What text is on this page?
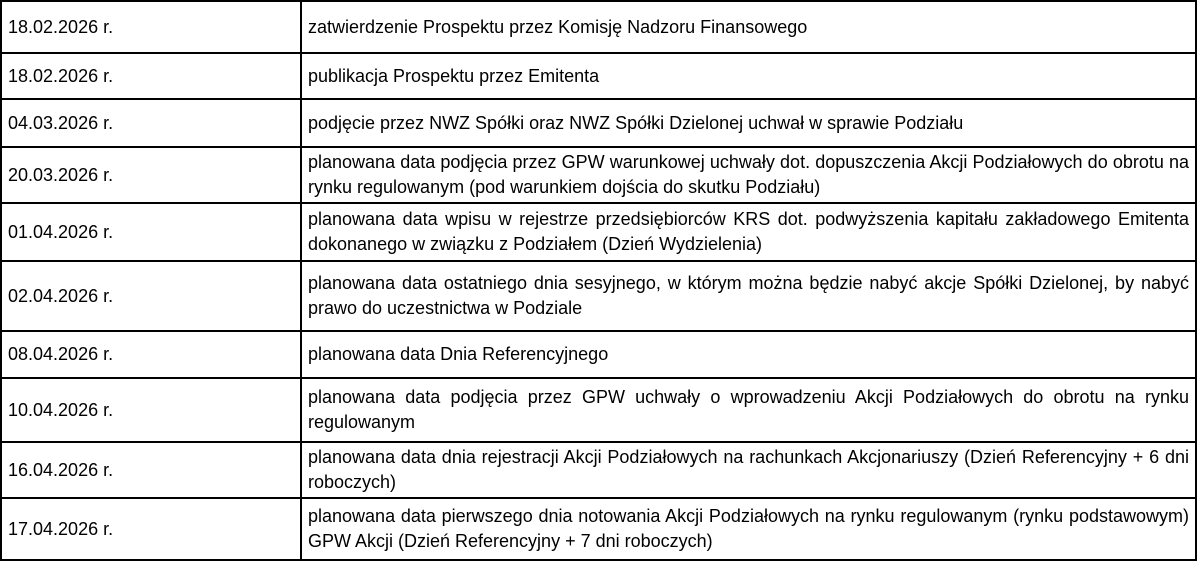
18.02.2026 r.	zatwierdzenie Prospektu przez Komisję Nadzoru Finansowego
18.02.2026 r.	publikacja Prospektu przez Emitenta
04.03.2026 r.	podjęcie przez NWZ Spółki oraz NWZ Spółki Dzielonej uchwał w sprawie Podziału
20.03.2026 r.	planowana data podjęcia przez GPW warunkowej uchwały dot. dopuszczenia Akcji Podziałowych do obrotu na rynku regulowanym (pod warunkiem dojścia do skutku Podziału)
01.04.2026 r.	planowana data wpisu w rejestrze przedsiębiorców KRS dot. podwyższenia kapitału zakładowego Emitenta dokonanego w związku z Podziałem (Dzień Wydzielenia)
02.04.2026 r.	planowana data ostatniego dnia sesyjnego, w którym można będzie nabyć akcje Spółki Dzielonej, by nabyć prawo do uczestnictwa w Podziale
08.04.2026 r.	planowana data Dnia Referencyjnego
10.04.2026 r.	planowana data podjęcia przez GPW uchwały o wprowadzeniu Akcji Podziałowych do obrotu na rynku regulowanym
16.04.2026 r.	planowana data dnia rejestracji Akcji Podziałowych na rachunkach Akcjonariuszy (Dzień Referencyjny + 6 dni roboczych)
17.04.2026 r.	planowana data pierwszego dnia notowania Akcji Podziałowych na rynku regulowanym (rynku podstawowym) GPW Akcji (Dzień Referencyjny + 7 dni roboczych)
